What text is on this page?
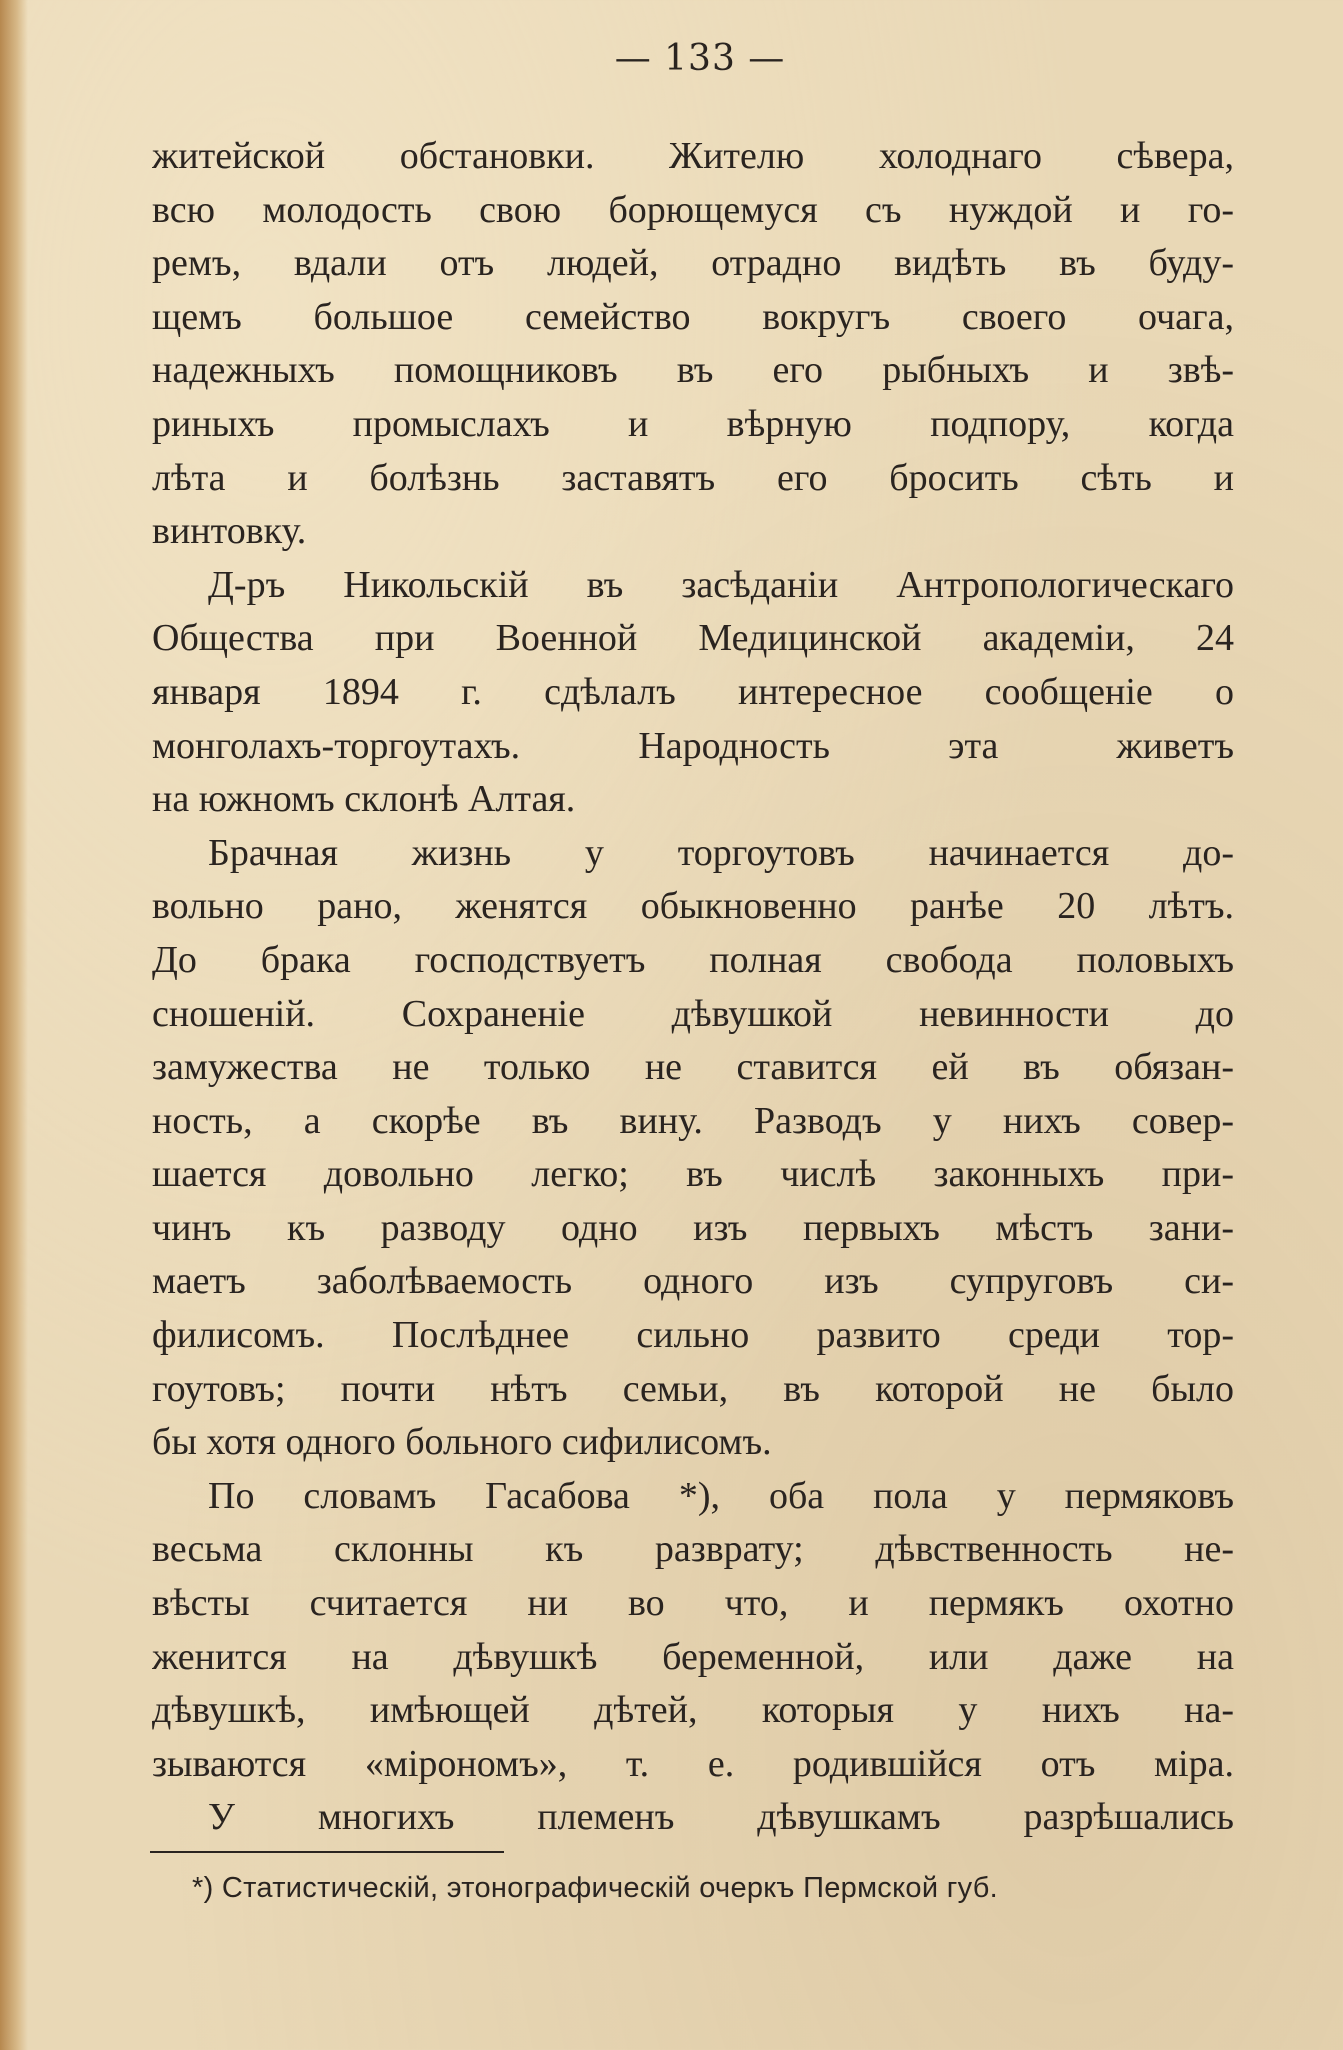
— 133 —
житейской обстановки. Жителю холоднаго сѣвера,
всю молодость свою борющемуся съ нуждой и го-
ремъ, вдали отъ людей, отрадно видѣть въ буду-
щемъ большое семейство вокругъ своего очага,
надежныхъ помощниковъ въ его рыбныхъ и звѣ-
риныхъ промыслахъ и вѣрную подпору, когда
лѣта и болѣзнь заставятъ его бросить сѣть и
винтовку.
Д-ръ Никольскій въ засѣданіи Антропологическаго
Общества при Военной Медицинской академіи, 24
января 1894 г. сдѣлалъ интересное сообщеніе о
монголахъ-торгоутахъ. Народность эта живетъ
на южномъ склонѣ Алтая.
Брачная жизнь у торгоутовъ начинается до-
вольно рано, женятся обыкновенно ранѣе 20 лѣтъ.
До брака господствуетъ полная свобода половыхъ
сношеній. Сохраненіе дѣвушкой невинности до
замужества не только не ставится ей въ обязан-
ность, а скорѣе въ вину. Разводъ у нихъ совер-
шается довольно легко; въ числѣ законныхъ при-
чинъ къ разводу одно изъ первыхъ мѣстъ зани-
маетъ заболѣваемость одного изъ супруговъ си-
филисомъ. Послѣднее сильно развито среди тор-
гоутовъ; почти нѣтъ семьи, въ которой не было
бы хотя одного больного сифилисомъ.
По словамъ Гасабова *), оба пола у пермяковъ
весьма склонны къ разврату; дѣвственность не-
вѣсты считается ни во что, и пермякъ охотно
женится на дѣвушкѣ беременной, или даже на
дѣвушкѣ, имѣющей дѣтей, которыя у нихъ на-
зываются «мірономъ», т. е. родившійся отъ міра.
У многихъ племенъ дѣвушкамъ разрѣшались
*) Статистическій, этонографическій очеркъ Пермской губ.
